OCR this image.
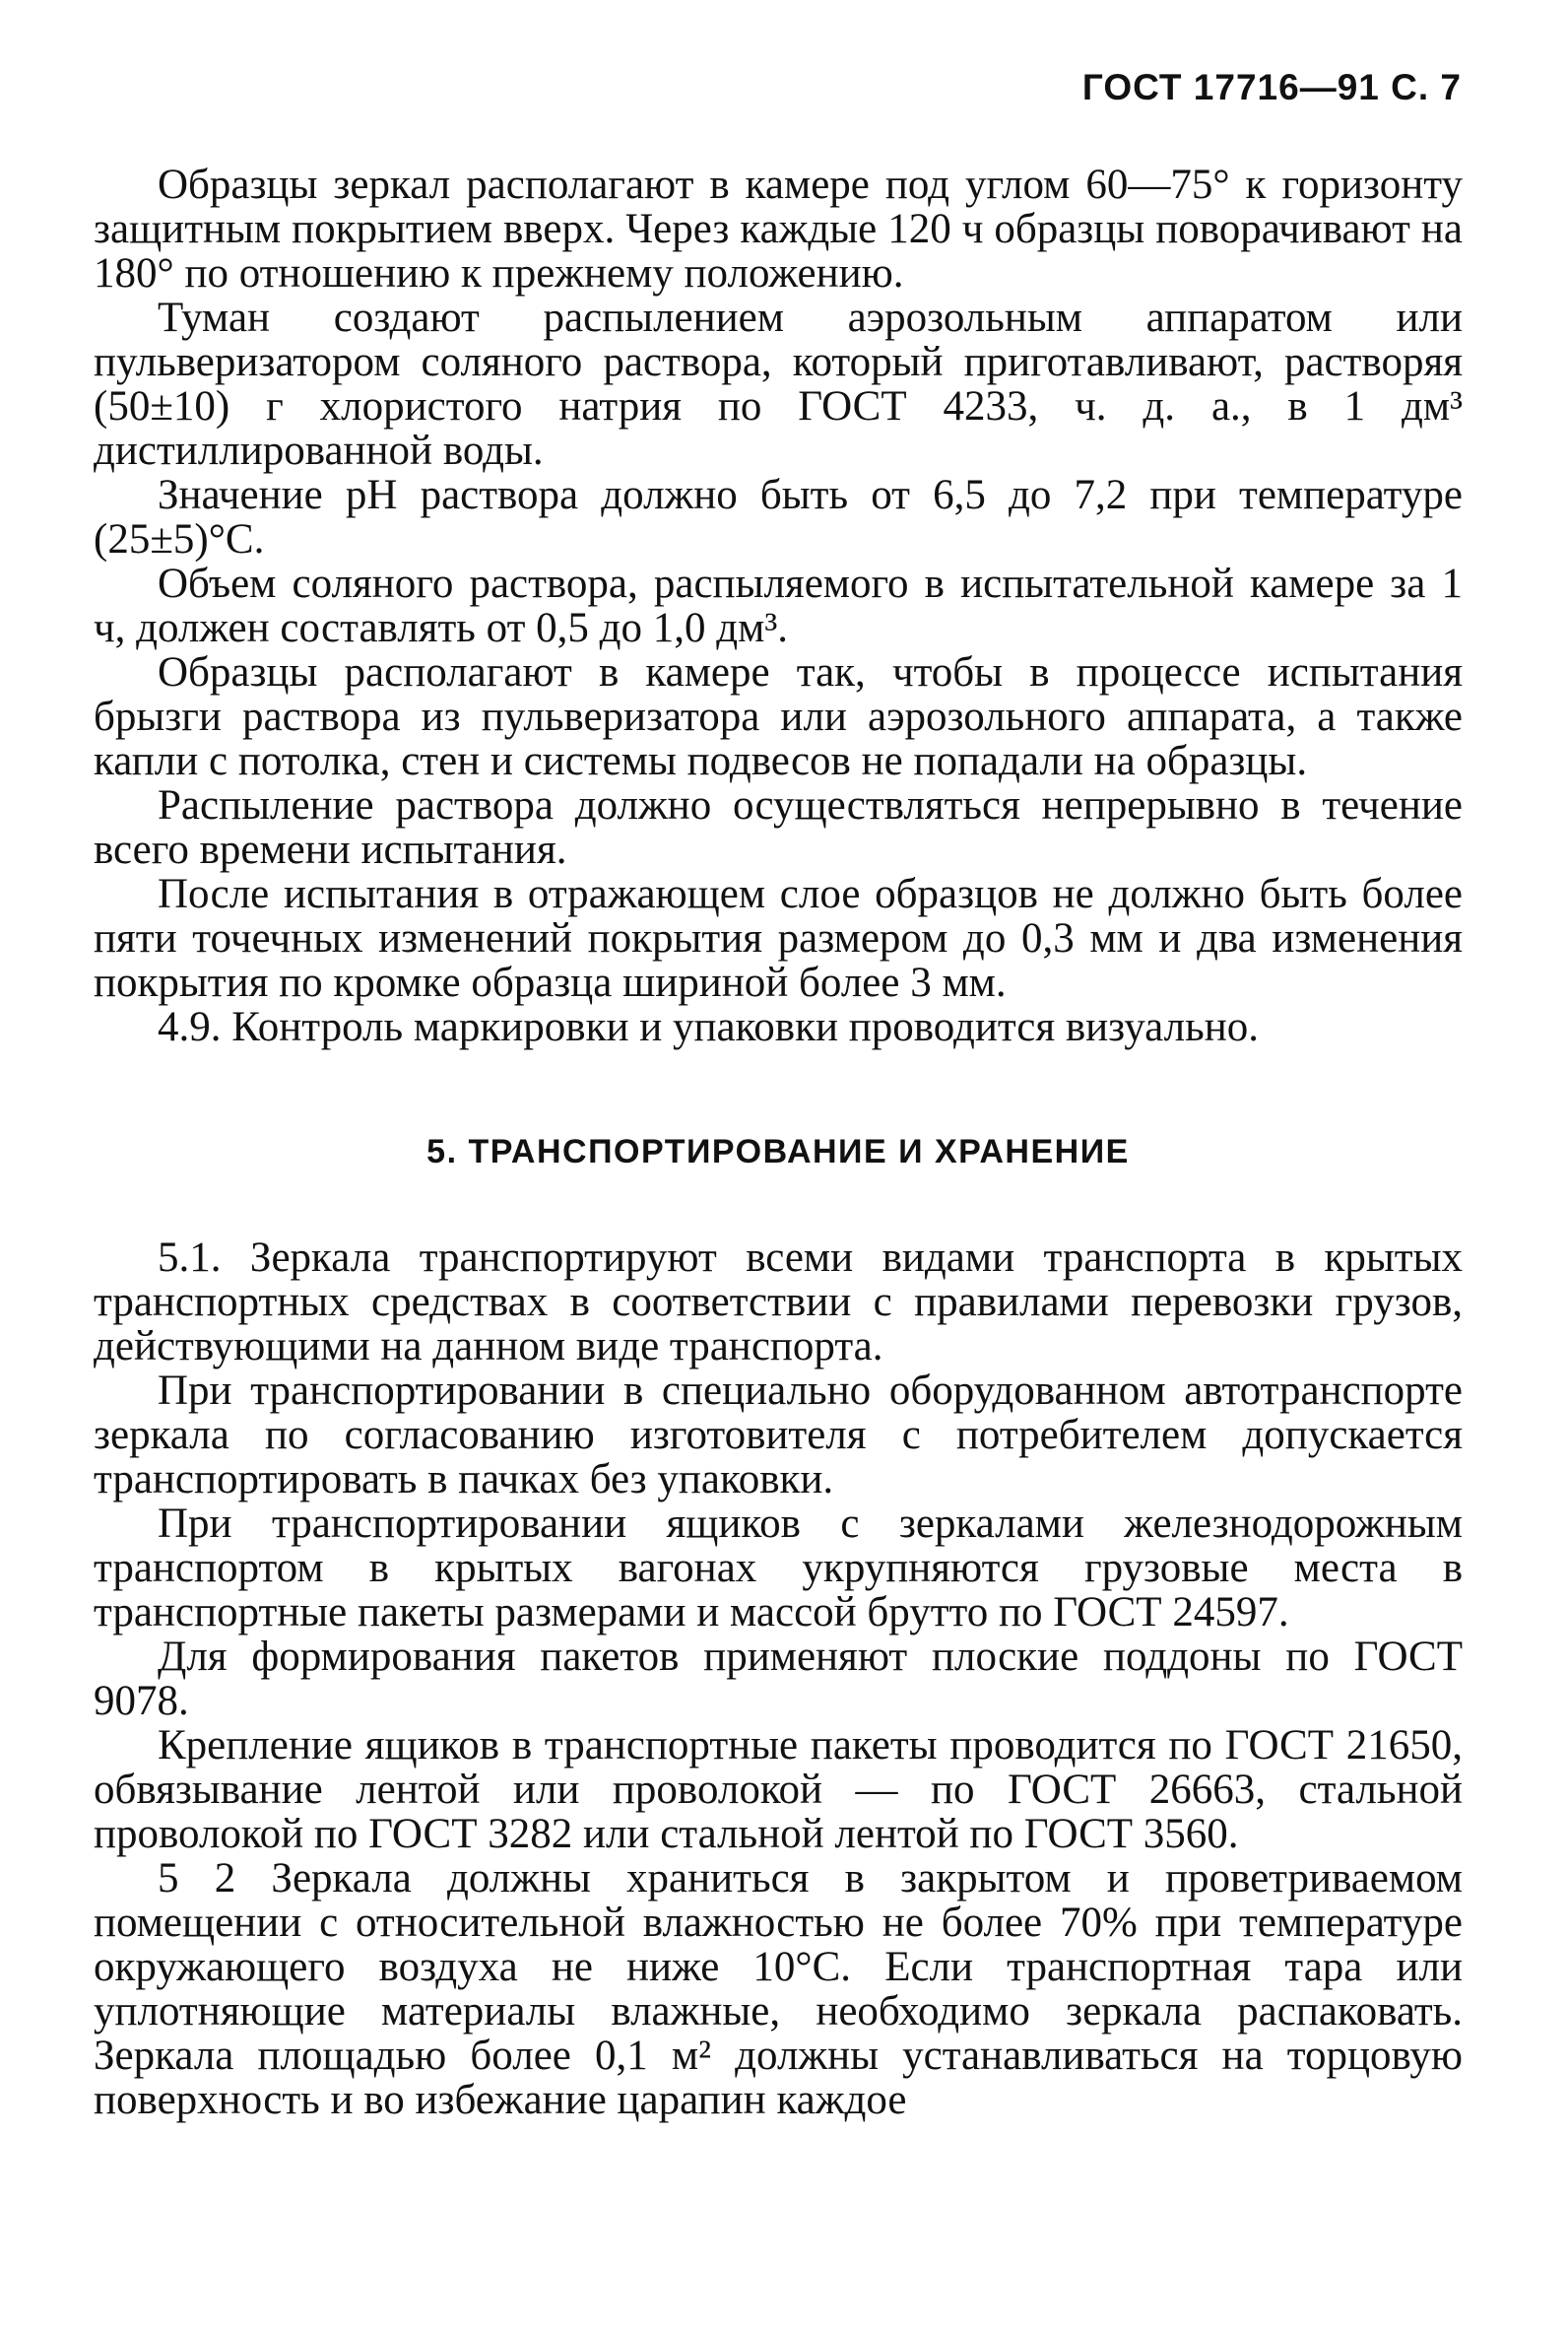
ГОСТ 17716—91 С. 7

Образцы зеркал располагают в камере под углом 60—75° к горизонту защитным покрытием вверх. Через каждые 120 ч образцы поворачивают на 180° по отношению к прежнему положению.

Туман создают распылением аэрозольным аппаратом или пульверизатором соляного раствора, который приготавливают, растворяя (50±10) г хлористого натрия по ГОСТ 4233, ч. д. а., в 1 дм³ дистиллированной воды.

Значение pH раствора должно быть от 6,5 до 7,2 при температуре (25±5)°С.

Объем соляного раствора, распыляемого в испытательной камере за 1 ч, должен составлять от 0,5 до 1,0 дм³.

Образцы располагают в камере так, чтобы в процессе испытания брызги раствора из пульверизатора или аэрозольного аппарата, а также капли с потолка, стен и системы подвесов не попадали на образцы.

Распыление раствора должно осуществляться непрерывно в течение всего времени испытания.

После испытания в отражающем слое образцов не должно быть более пяти точечных изменений покрытия размером до 0,3 мм и два изменения покрытия по кромке образца шириной более 3 мм.

4.9. Контроль маркировки и упаковки проводится визуально.

5. ТРАНСПОРТИРОВАНИЕ И ХРАНЕНИЕ

5.1. Зеркала транспортируют всеми видами транспорта в крытых транспортных средствах в соответствии с правилами перевозки грузов, действующими на данном виде транспорта.

При транспортировании в специально оборудованном автотранспорте зеркала по согласованию изготовителя с потребителем допускается транспортировать в пачках без упаковки.

При транспортировании ящиков с зеркалами железнодорожным транспортом в крытых вагонах укрупняются грузовые места в транспортные пакеты размерами и массой брутто по ГОСТ 24597.

Для формирования пакетов применяют плоские поддоны по ГОСТ 9078.

Крепление ящиков в транспортные пакеты проводится по ГОСТ 21650, обвязывание лентой или проволокой — по ГОСТ 26663, стальной проволокой по ГОСТ 3282 или стальной лентой по ГОСТ 3560.

5 2 Зеркала должны храниться в закрытом и проветриваемом помещении с относительной влажностью не более 70% при температуре окружающего воздуха не ниже 10°С. Если транспортная тара или уплотняющие материалы влажные, необходимо зеркала распаковать. Зеркала площадью более 0,1 м² должны устанавливаться на торцовую поверхность и во избежание царапин каждое
